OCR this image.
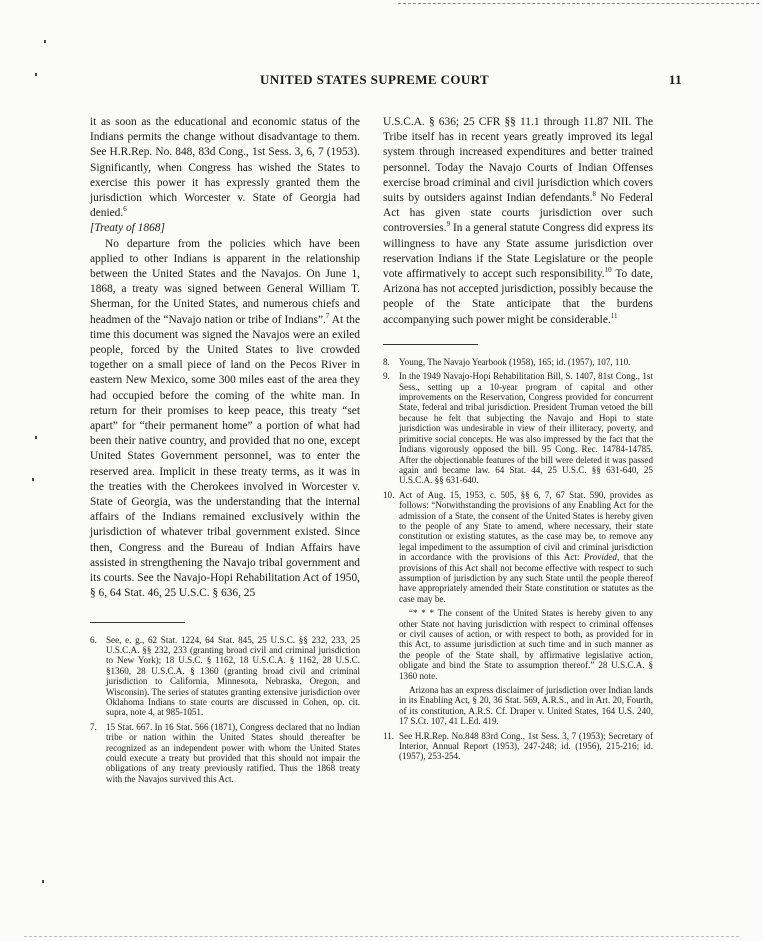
UNITED STATES SUPREME COURT	11

it as soon as the educational and economic status of the Indians permits the change without disadvantage to them. See H.R.Rep. No. 848, 83d Cong., 1st Sess. 3, 6, 7 (1953). Significantly, when Congress has wished the States to exercise this power it has expressly granted them the jurisdiction which Worcester v. State of Georgia had denied.$^6$

[Treaty of 1868]

No departure from the policies which have been applied to other Indians is apparent in the relationship between the United States and the Navajos. On June 1, 1868, a treaty was signed between General William T. Sherman, for the United States, and numerous chiefs and headmen of the “Navajo nation or tribe of Indians”.$^7$ At the time this document was signed the Navajos were an exiled people, forced by the United States to live crowded together on a small piece of land on the Pecos River in eastern New Mexico, some 300 miles east of the area they had occupied before the coming of the white man. In return for their promises to keep peace, this treaty “set apart” for “their permanent home” a portion of what had been their native country, and provided that no one, except United States Government personnel, was to enter the reserved area. Implicit in these treaty terms, as it was in the treaties with the Cherokees involved in Worcester v. State of Georgia, was the understanding that the internal affairs of the Indians remained exclusively within the jurisdiction of whatever tribal government existed. Since then, Congress and the Bureau of Indian Affairs have assisted in strengthening the Navajo tribal government and its courts. See the Navajo-Hopi Rehabilitation Act of 1950, § 6, 64 Stat. 46, 25 U.S.C. § 636, 25

6. See, e. g., 62 Stat. 1224, 64 Stat. 845, 25 U.S.C. §§ 232, 233, 25 U.S.C.A. §§ 232, 233 (granting broad civil and criminal jurisdiction to New York); 18 U.S.C. § 1162, 18 U.S.C.A. § 1162, 28 U.S.C. §1360, 28 U.S.C.A. § 1360 (granting broad civil and criminal jurisdiction to California, Minnesota, Nebraska, Oregon, and Wisconsin). The series of statutes granting extensive jurisdiction over Oklahoma Indians to state courts are discussed in Cohen, op. cit. supra, note 4, at 985-1051.
7. 15 Stat. 667. In 16 Stat. 566 (1871), Congress declared that no Indian tribe or nation within the United States should thereafter be recognized as an independent power with whom the United States could execute a treaty but provided that this should not impair the obligations of any treaty previously ratified. Thus the 1868 treaty with the Navajos survived this Act.

U.S.C.A. § 636; 25 CFR §§ 11.1 through 11.87 NII. The Tribe itself has in recent years greatly improved its legal system through increased expenditures and better trained personnel. Today the Navajo Courts of Indian Offenses exercise broad criminal and civil jurisdiction which covers suits by outsiders against Indian defendants.$^8$ No Federal Act has given state courts jurisdiction over such controversies.$^9$ In a general statute Congress did express its willingness to have any State assume jurisdiction over reservation Indians if the State Legislature or the people vote affirmatively to accept such responsibility.$^{10}$ To date, Arizona has not accepted jurisdiction, possibly because the people of the State anticipate that the burdens accompanying such power might be considerable.$^{11}$

8. Young, The Navajo Yearbook (1958), 165; id. (1957), 107, 110.
9. In the 1949 Navajo-Hopi Rehabilitation Bill, S. 1407, 81st Cong., 1st Sess., setting up a 10-year program of capital and other improvements on the Reservation, Congress provided for concurrent State, federal and tribal jurisdiction. President Truman vetoed the bill because he felt that subjecting the Navajo and Hopi to state jurisdiction was undesirable in view of their illiteracy, poverty, and primitive social concepts. He was also impressed by the fact that the Indians vigorously opposed the bill. 95 Cong. Rec. 14784-14785. After the objectionable features of the bill were deleted it was passed again and became law. 64 Stat. 44, 25 U.S.C. §§ 631-640, 25 U.S.C.A. §§ 631-640.
10. Act of Aug. 15, 1953, c. 505, §§ 6, 7, 67 Stat. 590, provides as follows: “Notwithstanding the provisions of any Enabling Act for the admission of a State, the consent of the United States is hereby given to the people of any State to amend, where necessary, their state constitution or existing statutes, as the case may be, to remove any legal impediment to the assumption of civil and criminal jurisdiction in accordance with the provisions of this Act: Provided, that the provisions of this Act shall not become effective with respect to such assumption of jurisdiction by any such State until the people thereof have appropriately amended their State constitution or statutes as the case may be.
“* * * The consent of the United States is hereby given to any other State not having jurisdiction with respect to criminal offenses or civil causes of action, or with respect to both, as provided for in this Act, to assume jurisdiction at such time and in such manner as the people of the State shall, by affirmative legislative action, obligate and bind the State to assumption thereof.” 28 U.S.C.A. § 1360 note.
Arizona has an express disclaimer of jurisdiction over Indian lands in its Enabling Act, § 20, 36 Stat. 569, A.R.S., and in Art. 20, Fourth, of its constitution, A.R.S. Cf. Draper v. United States, 164 U.S. 240, 17 S.Ct. 107, 41 L.Ed. 419.
11. See H.R.Rep. No.848 83rd Cong., 1st Sess. 3, 7 (1953); Secretary of Interior, Annual Report (1953), 247-248; id. (1956), 215-216; id. (1957), 253-254.
